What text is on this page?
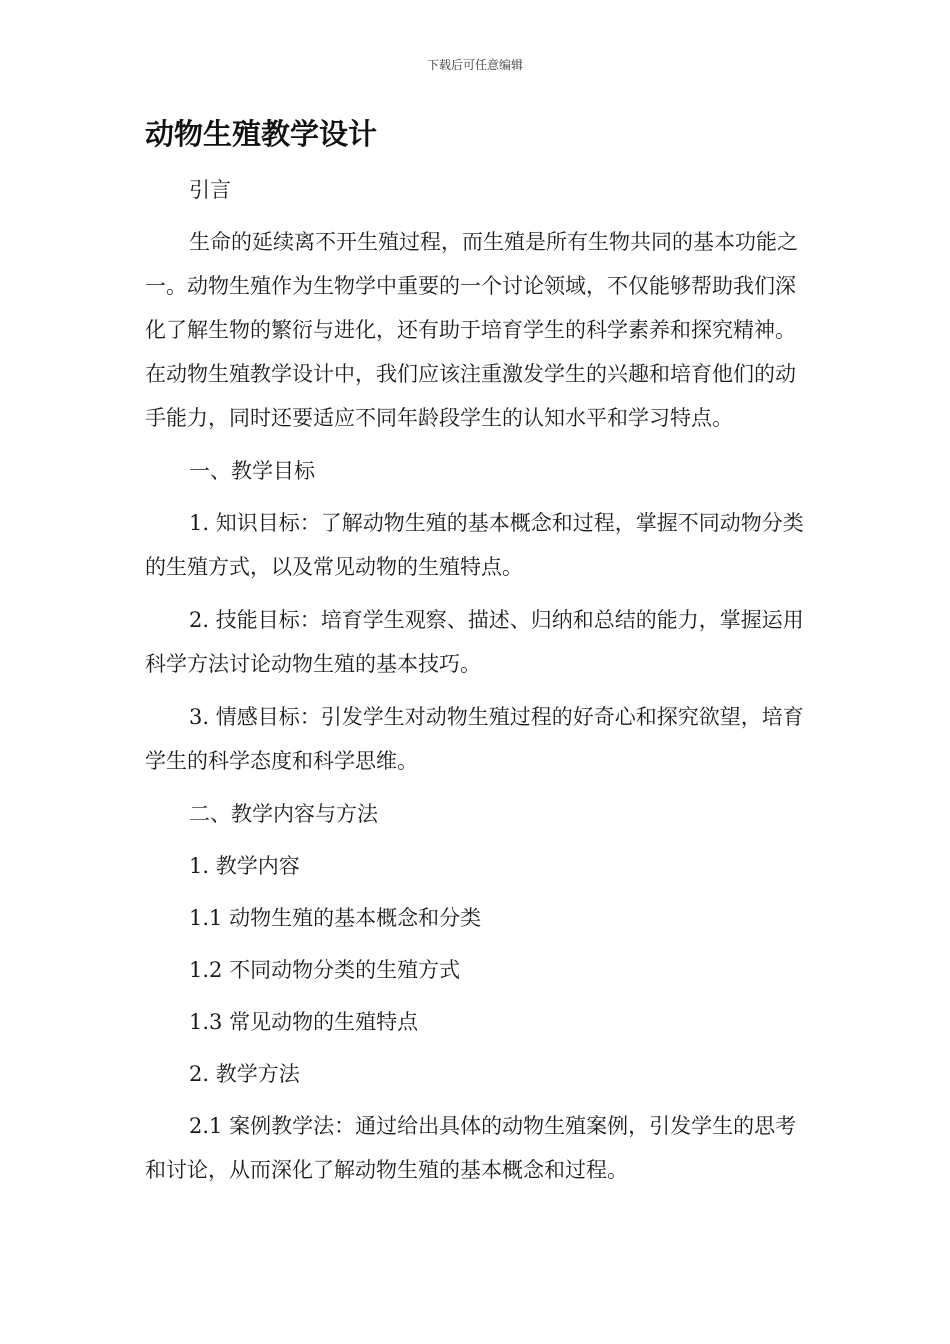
下载后可任意编辑
动物生殖教学设计

引言

生命的延续离不开生殖过程，而生殖是所有生物共同的基本功能之一。动物生殖作为生物学中重要的一个讨论领域，不仅能够帮助我们深化了解生物的繁衍与进化，还有助于培育学生的科学素养和探究精神。在动物生殖教学设计中，我们应该注重激发学生的兴趣和培育他们的动手能力，同时还要适应不同年龄段学生的认知水平和学习特点。

一、教学目标

1. 知识目标：了解动物生殖的基本概念和过程，掌握不同动物分类的生殖方式，以及常见动物的生殖特点。

2. 技能目标：培育学生观察、描述、归纳和总结的能力，掌握运用科学方法讨论动物生殖的基本技巧。

3. 情感目标：引发学生对动物生殖过程的好奇心和探究欲望，培育学生的科学态度和科学思维。

二、教学内容与方法

1. 教学内容

1.1 动物生殖的基本概念和分类

1.2 不同动物分类的生殖方式

1.3 常见动物的生殖特点

2. 教学方法

2.1 案例教学法：通过给出具体的动物生殖案例，引发学生的思考和讨论，从而深化了解动物生殖的基本概念和过程。
